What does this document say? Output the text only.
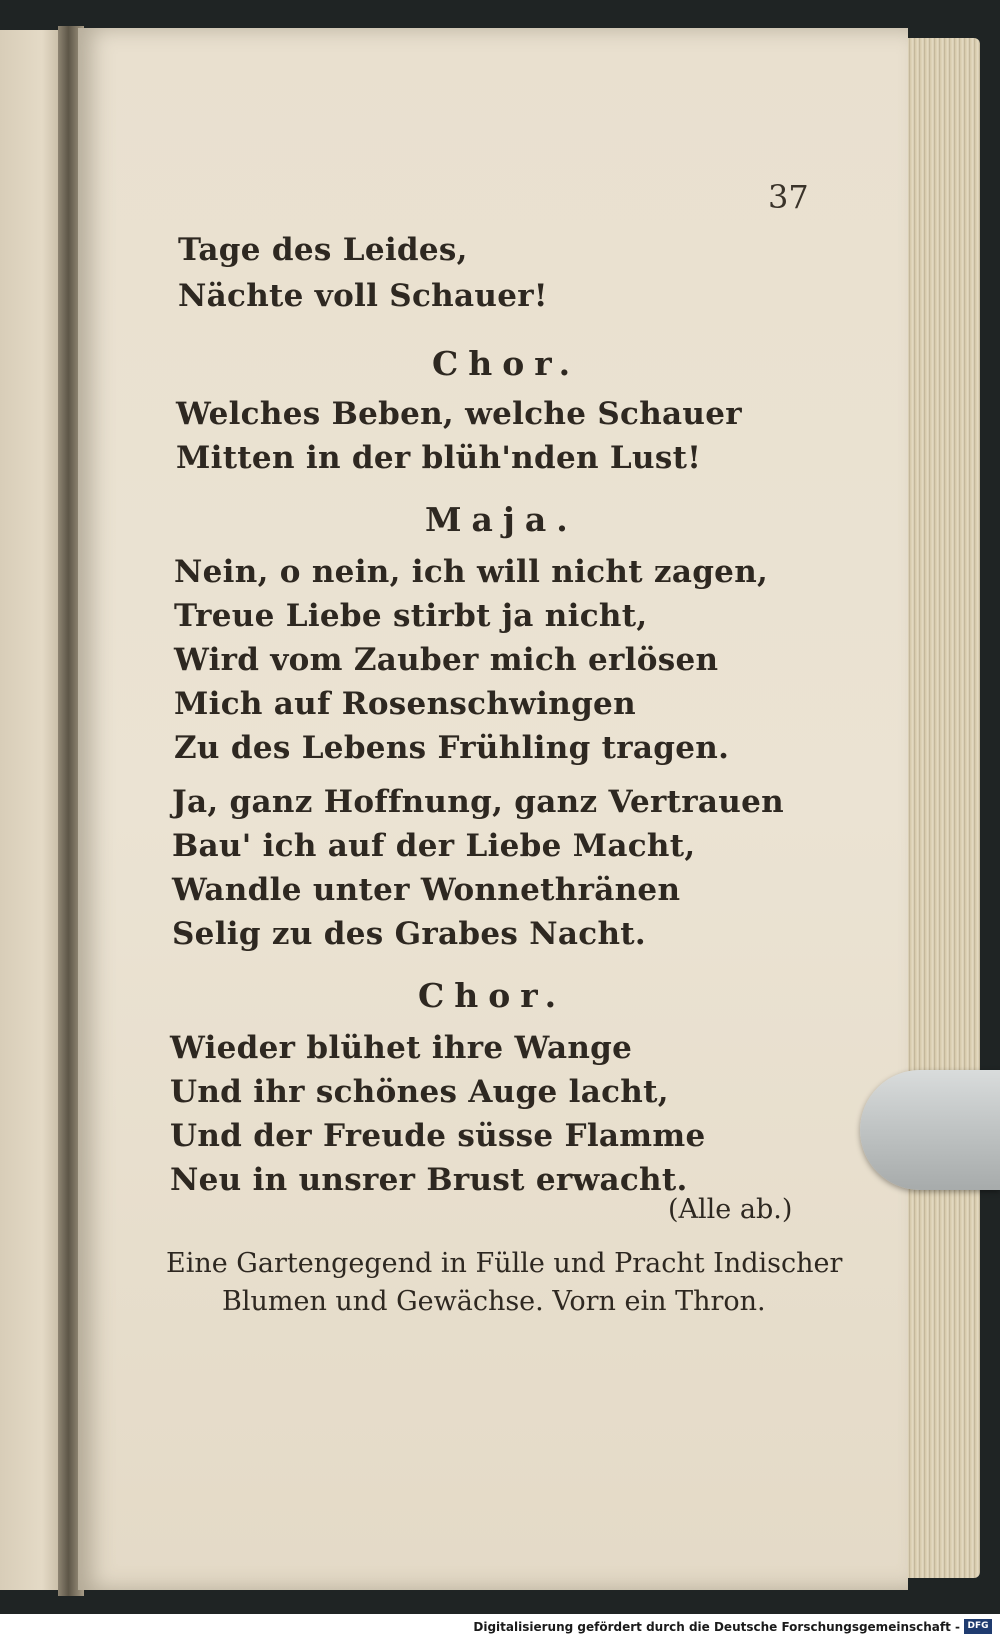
37
Tage des Leides,
Nächte voll Schauer!
Chor.
Welches Beben, welche Schauer
Mitten in der blüh'nden Lust!
Maja.
Nein, o nein, ich will nicht zagen,
Treue Liebe stirbt ja nicht,
Wird vom Zauber mich erlösen
Mich auf Rosenschwingen
Zu des Lebens Frühling tragen.
Ja, ganz Hoffnung, ganz Vertrauen
Bau' ich auf der Liebe Macht,
Wandle unter Wonnethränen
Selig zu des Grabes Nacht.
Chor.
Wieder blühet ihre Wange
Und ihr schönes Auge lacht,
Und der Freude süsse Flamme
Neu in unsrer Brust erwacht.
(Alle ab.)
Eine Gartengegend in Fülle und Pracht Indischer
Blumen und Gewächse. Vorn ein Thron.
Digitalisierung gefördert durch die Deutsche Forschungsgemeinschaft - DFG
